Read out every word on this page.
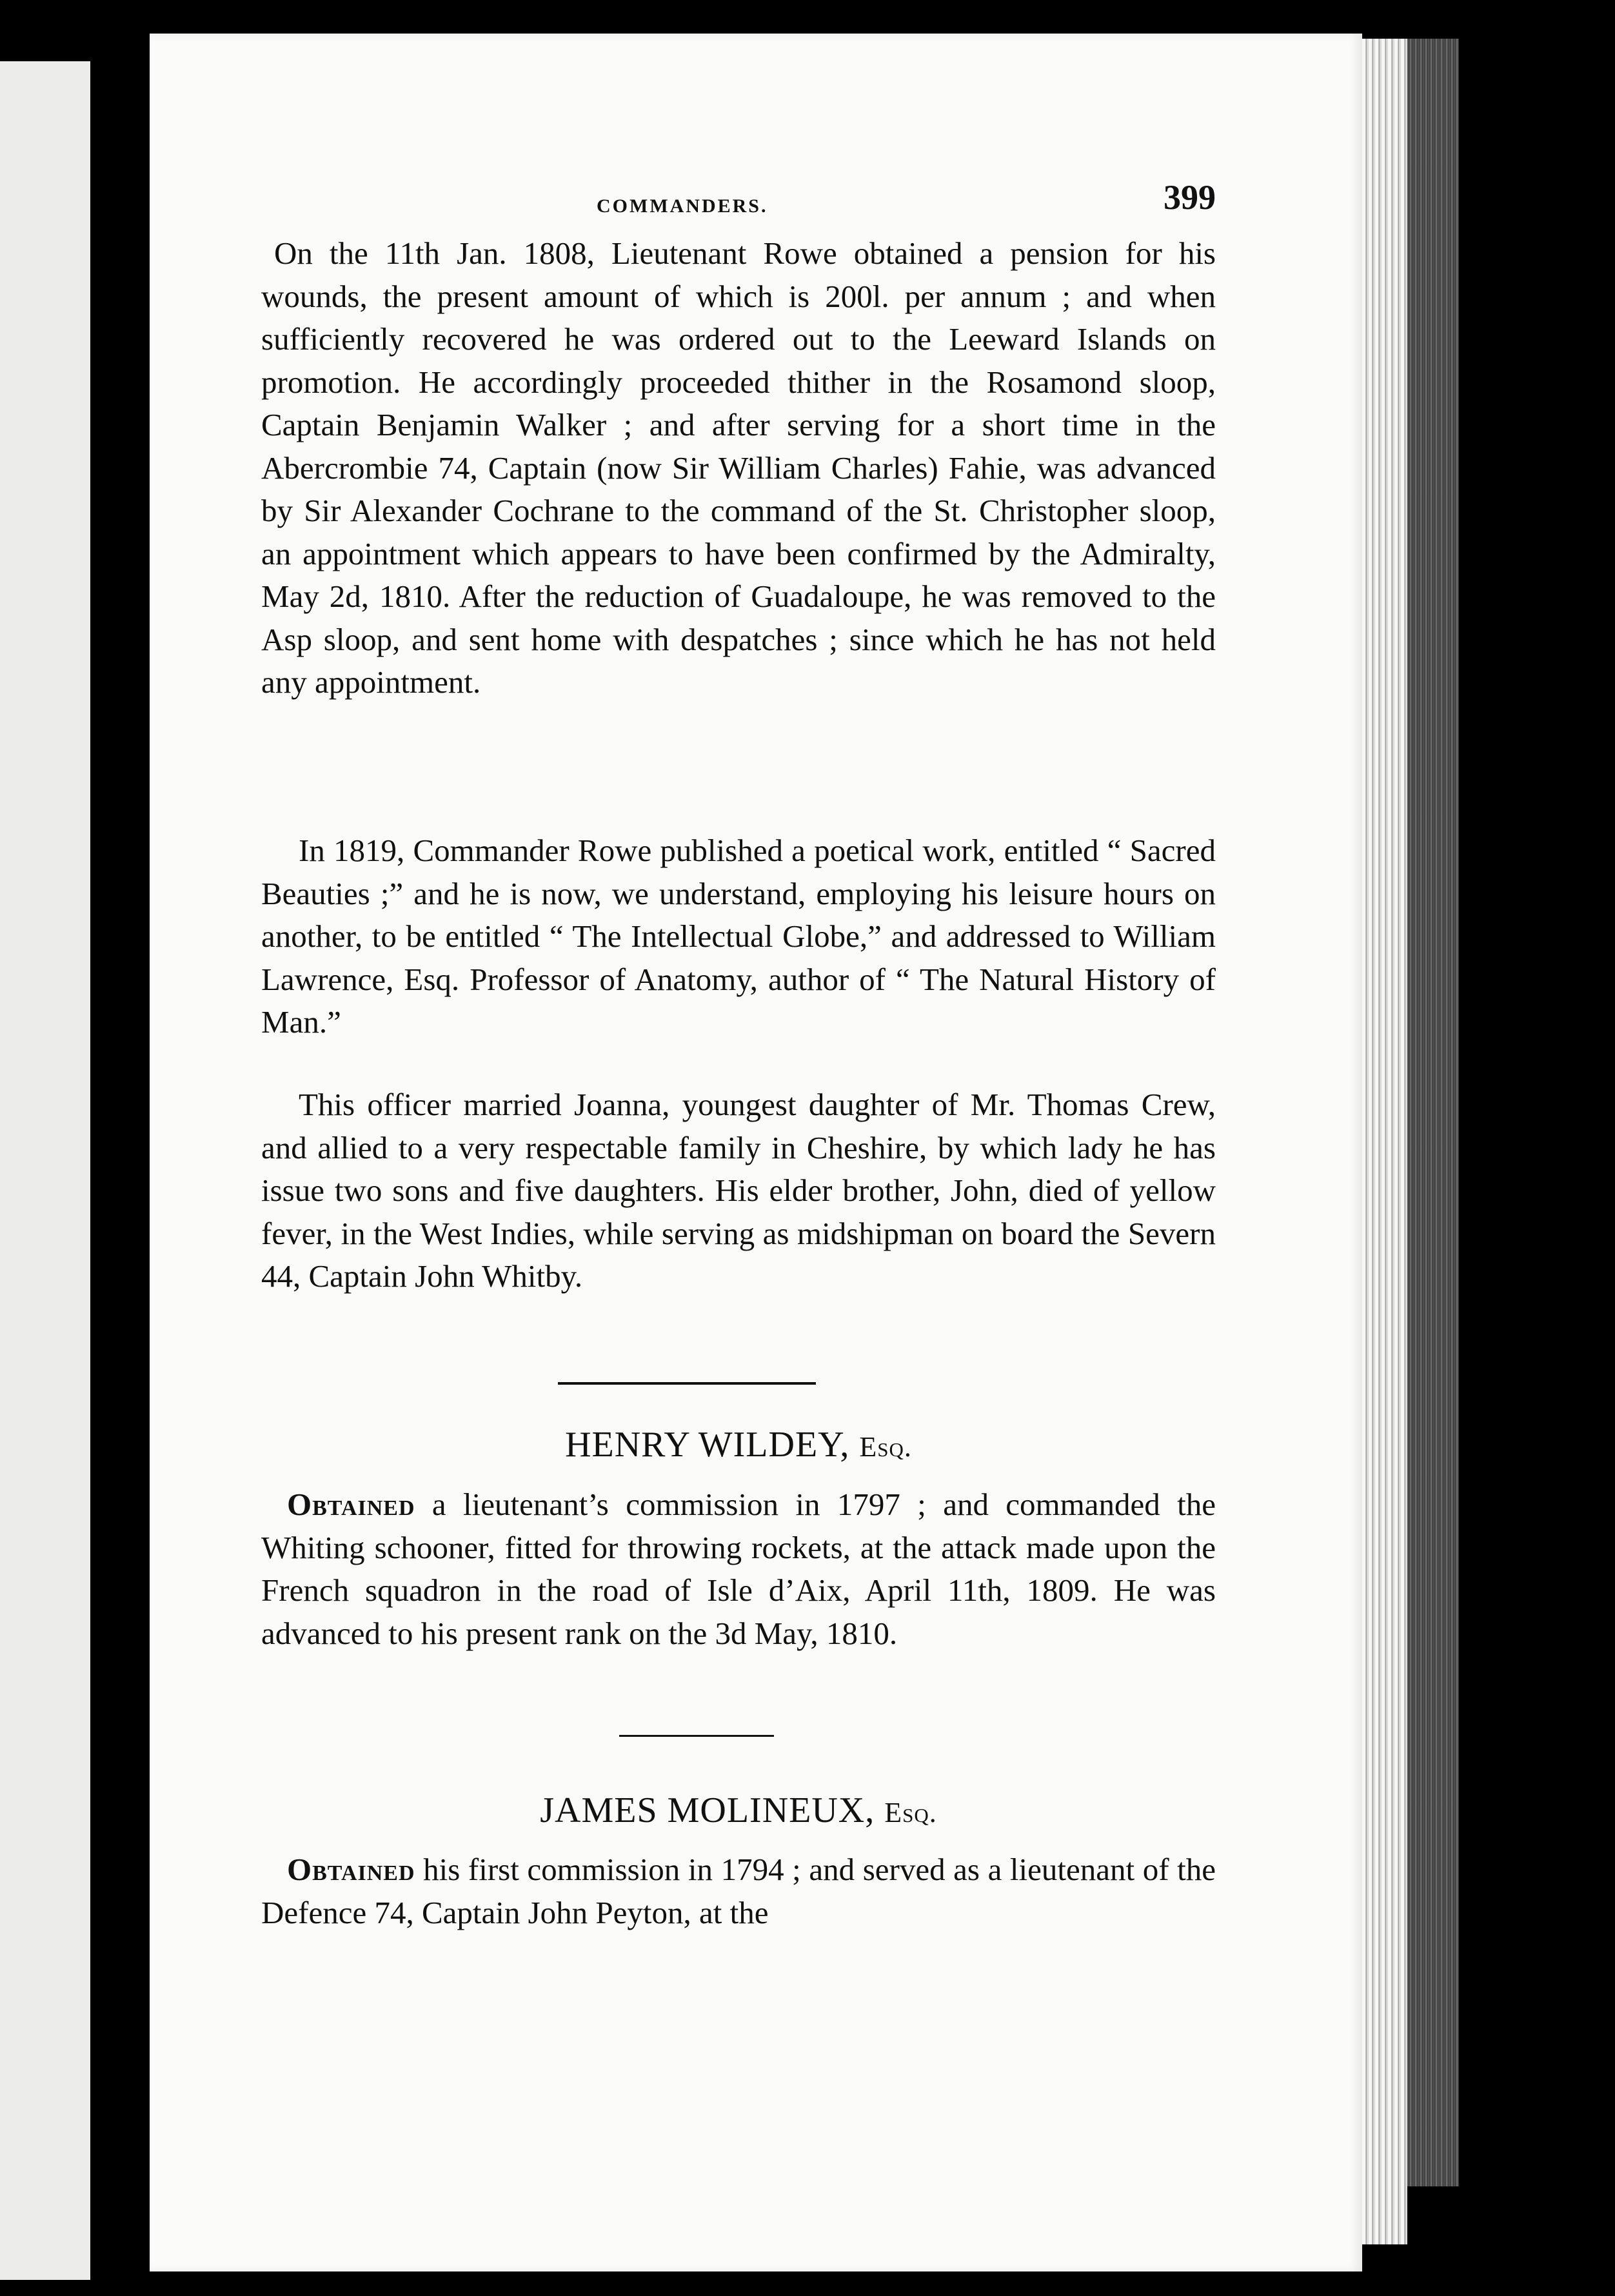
COMMANDERS.	399

On the 11th Jan. 1808, Lieutenant Rowe obtained a pension for his wounds, the present amount of which is 200l. per annum ; and when sufficiently recovered he was ordered out to the Leeward Islands on promotion. He accordingly proceeded thither in the Rosamond sloop, Captain Benjamin Walker ; and after serving for a short time in the Abercrombie 74, Captain (now Sir William Charles) Fahie, was advanced by Sir Alexander Cochrane to the command of the St. Christopher sloop, an appointment which appears to have been confirmed by the Admiralty, May 2d, 1810. After the reduction of Guadaloupe, he was removed to the Asp sloop, and sent home with despatches ; since which he has not held any appointment.

In 1819, Commander Rowe published a poetical work, entitled “ Sacred Beauties ;” and he is now, we understand, employing his leisure hours on another, to be entitled “ The Intellectual Globe,” and addressed to William Lawrence, Esq. Professor of Anatomy, author of “ The Natural History of Man.”

This officer married Joanna, youngest daughter of Mr. Thomas Crew, and allied to a very respectable family in Cheshire, by which lady he has issue two sons and five daughters. His elder brother, John, died of yellow fever, in the West Indies, while serving as midshipman on board the Severn 44, Captain John Whitby.

HENRY WILDEY, Esq.

Obtained a lieutenant’s commission in 1797 ; and commanded the Whiting schooner, fitted for throwing rockets, at the attack made upon the French squadron in the road of Isle d’Aix, April 11th, 1809. He was advanced to his present rank on the 3d May, 1810.

JAMES MOLINEUX, Esq.

Obtained his first commission in 1794 ; and served as a lieutenant of the Defence 74, Captain John Peyton, at the
